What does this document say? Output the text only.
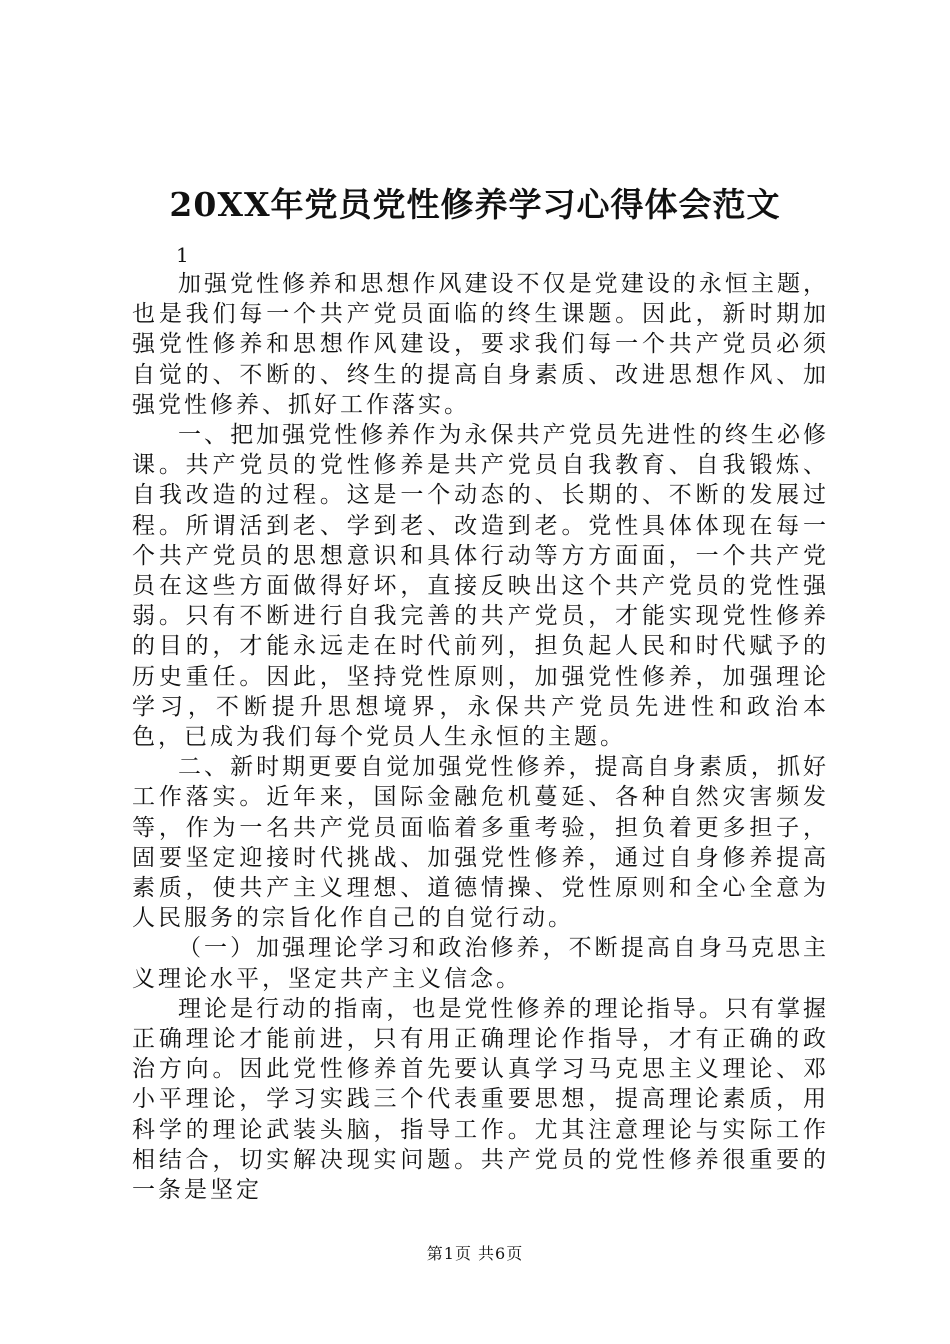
20XX年党员党性修养学习心得体会范文
1

加强党性修养和思想作风建设不仅是党建设的永恒主题，也是我们每一个共产党员面临的终生课题。因此，新时期加强党性修养和思想作风建设，要求我们每一个共产党员必须自觉的、不断的、终生的提高自身素质、改进思想作风、加强党性修养、抓好工作落实。

一、把加强党性修养作为永保共产党员先进性的终生必修课。共产党员的党性修养是共产党员自我教育、自我锻炼、自我改造的过程。这是一个动态的、长期的、不断的发展过程。所谓活到老、学到老、改造到老。党性具体体现在每一个共产党员的思想意识和具体行动等方方面面，一个共产党员在这些方面做得好坏，直接反映出这个共产党员的党性强弱。只有不断进行自我完善的共产党员，才能实现党性修养的目的，才能永远走在时代前列，担负起人民和时代赋予的历史重任。因此，坚持党性原则，加强党性修养，加强理论学习，不断提升思想境界，永保共产党员先进性和政治本色，已成为我们每个党员人生永恒的主题。

二、新时期更要自觉加强党性修养，提高自身素质，抓好工作落实。近年来，国际金融危机蔓延、各种自然灾害频发等，作为一名共产党员面临着多重考验，担负着更多担子，固要坚定迎接时代挑战、加强党性修养，通过自身修养提高素质，使共产主义理想、道德情操、党性原则和全心全意为人民服务的宗旨化作自己的自觉行动。

（一）加强理论学习和政治修养，不断提高自身马克思主义理论水平，坚定共产主义信念。

理论是行动的指南，也是党性修养的理论指导。只有掌握正确理论才能前进，只有用正确理论作指导，才有正确的政治方向。因此党性修养首先要认真学习马克思主义理论、邓小平理论，学习实践三个代表重要思想，提高理论素质，用科学的理论武装头脑，指导工作。尤其注意理论与实际工作相结合，切实解决现实问题。共产党员的党性修养很重要的一条是坚定

第1页 共6页
